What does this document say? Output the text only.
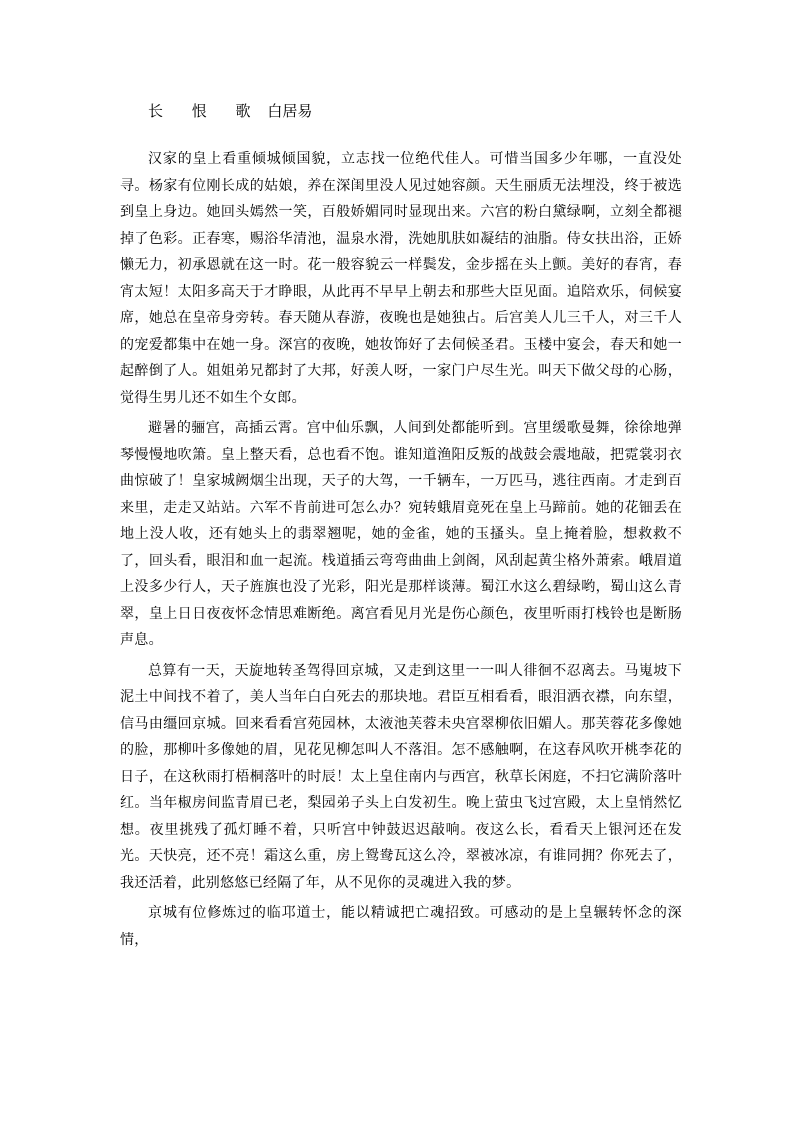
长 恨 歌 白居易

汉家的皇上看重倾城倾国貌，立志找一位绝代佳人。可惜当国多少年哪，一直没处寻。杨家有位刚长成的姑娘，养在深闺里没人见过她容颜。天生丽质无法埋没，终于被选到皇上身边。她回头嫣然一笑，百般娇媚同时显现出来。六宫的粉白黛绿啊，立刻全都褪掉了色彩。正春寒，赐浴华清池，温泉水滑，洗她肌肤如凝结的油脂。侍女扶出浴，正娇懒无力，初承恩就在这一时。花一般容貌云一样鬓发，金步摇在头上颤。美好的春宵，春宵太短！太阳多高天于才睁眼，从此再不早早上朝去和那些大臣见面。追陪欢乐，伺候宴席，她总在皇帝身旁转。春天随从春游，夜晚也是她独占。后宫美人儿三千人，对三千人的宠爱都集中在她一身。深宫的夜晚，她妆饰好了去伺候圣君。玉楼中宴会，春天和她一起醉倒了人。姐姐弟兄都封了大邦，好羡人呀，一家门户尽生光。叫天下做父母的心肠，觉得生男儿还不如生个女郎。

避暑的骊宫，高插云霄。宫中仙乐飘，人间到处都能听到。宫里缓歌曼舞，徐徐地弹琴慢慢地吹箫。皇上整天看，总也看不饱。谁知道渔阳反叛的战鼓会震地敲，把霓裳羽衣曲惊破了！皇家城阙烟尘出现，天子的大驾，一千辆车，一万匹马，逃往西南。才走到百来里，走走又站站。六军不肯前进可怎么办？宛转蛾眉竟死在皇上马蹄前。她的花钿丢在地上没人收，还有她头上的翡翠翘呢，她的金雀，她的玉搔头。皇上掩着脸，想救救不了，回头看，眼泪和血一起流。栈道插云弯弯曲曲上剑阁，风刮起黄尘格外萧索。峨眉道上没多少行人，天子旌旗也没了光彩，阳光是那样谈薄。蜀江水这么碧绿哟，蜀山这么青翠，皇上日日夜夜怀念情思难断绝。离宫看见月光是伤心颜色，夜里听雨打栈铃也是断肠声息。

总算有一天，天旋地转圣驾得回京城，又走到这里一一叫人徘徊不忍离去。马嵬坡下泥土中间找不着了，美人当年白白死去的那块地。君臣互相看看，眼泪洒衣襟，向东望，信马由缰回京城。回来看看宫苑园林，太液池芙蓉未央宫翠柳依旧媚人。那芙蓉花多像她的脸，那柳叶多像她的眉，见花见柳怎叫人不落泪。怎不感触啊，在这春风吹开桃李花的日子，在这秋雨打梧桐落叶的时辰！太上皇住南内与西宫，秋草长闲庭，不扫它满阶落叶红。当年椒房间监青眉已老，梨园弟子头上白发初生。晚上萤虫飞过宫殿，太上皇悄然忆想。夜里挑残了孤灯睡不着，只听宫中钟鼓迟迟敲响。夜这么长，看看天上银河还在发光。天快亮，还不亮！霜这么重，房上鸳鸯瓦这么冷，翠被冰凉，有谁同拥？你死去了，我还活着，此别悠悠已经隔了年，从不见你的灵魂进入我的梦。

京城有位修炼过的临邛道士，能以精诚把亡魂招致。可感动的是上皇辗转怀念的深情，
